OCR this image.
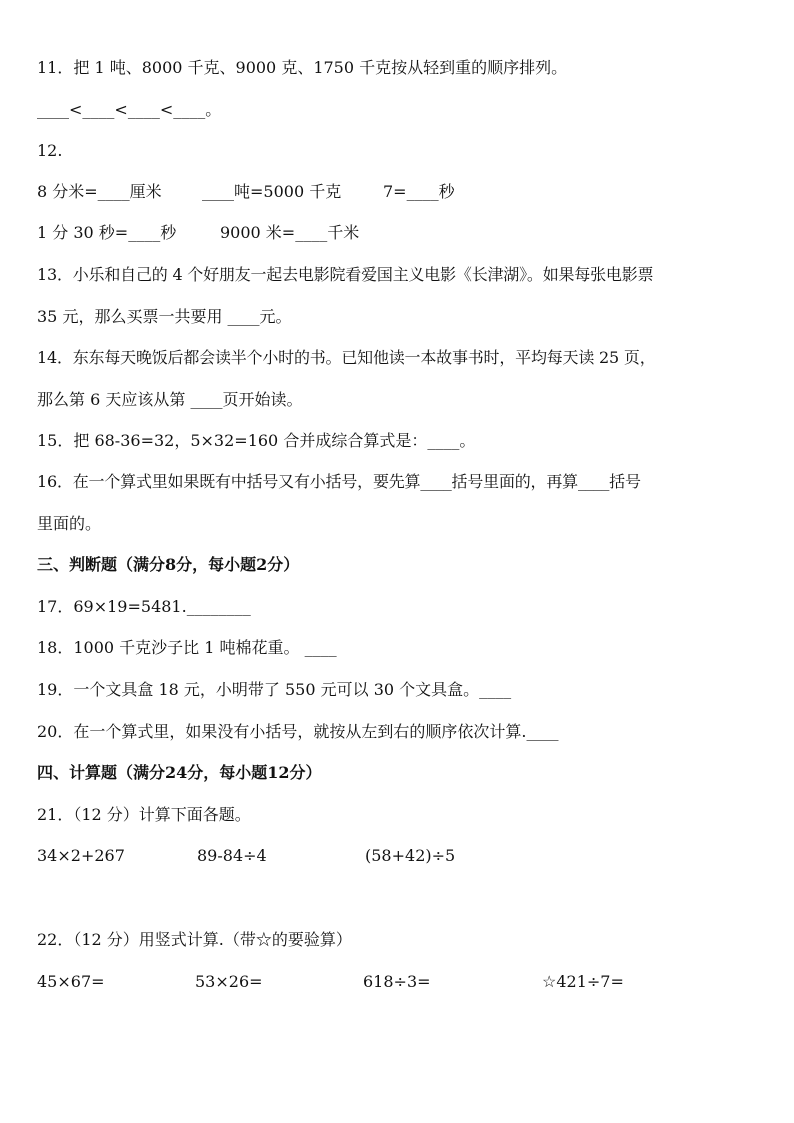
11．把 1 吨、8000 千克、9000 克、1750 千克按从轻到重的顺序排列。
____<____<____<____。
12.
8 分米=____厘米	____吨=5000 千克	7=____秒
1 分 30 秒=____秒	9000 米=____千米
13．小乐和自己的 4 个好朋友一起去电影院看爱国主义电影《长津湖》。如果每张电影票
35 元，那么买票一共要用 ____元。
14．东东每天晚饭后都会读半个小时的书。已知他读一本故事书时，平均每天读 25 页，
那么第 6 天应该从第 ____页开始读。
15．把 68-36=32，5×32=160 合并成综合算式是：____。
16．在一个算式里如果既有中括号又有小括号，要先算____括号里面的，再算____括号
里面的。
三、判断题（满分8分，每小题2分）
17．69×19=5481.________
18．1000 千克沙子比 1 吨棉花重。 ____
19．一个文具盒 18 元，小明带了 550 元可以 30 个文具盒。____
20．在一个算式里，如果没有小括号，就按从左到右的顺序依次计算.____
四、计算题（满分24分，每小题12分）
21．（12 分）计算下面各题。
34×2+267	89-84÷4	(58+42)÷5
22．（12 分）用竖式计算.（带☆的要验算）
45×67=	53×26=	618÷3=	☆421÷7=
